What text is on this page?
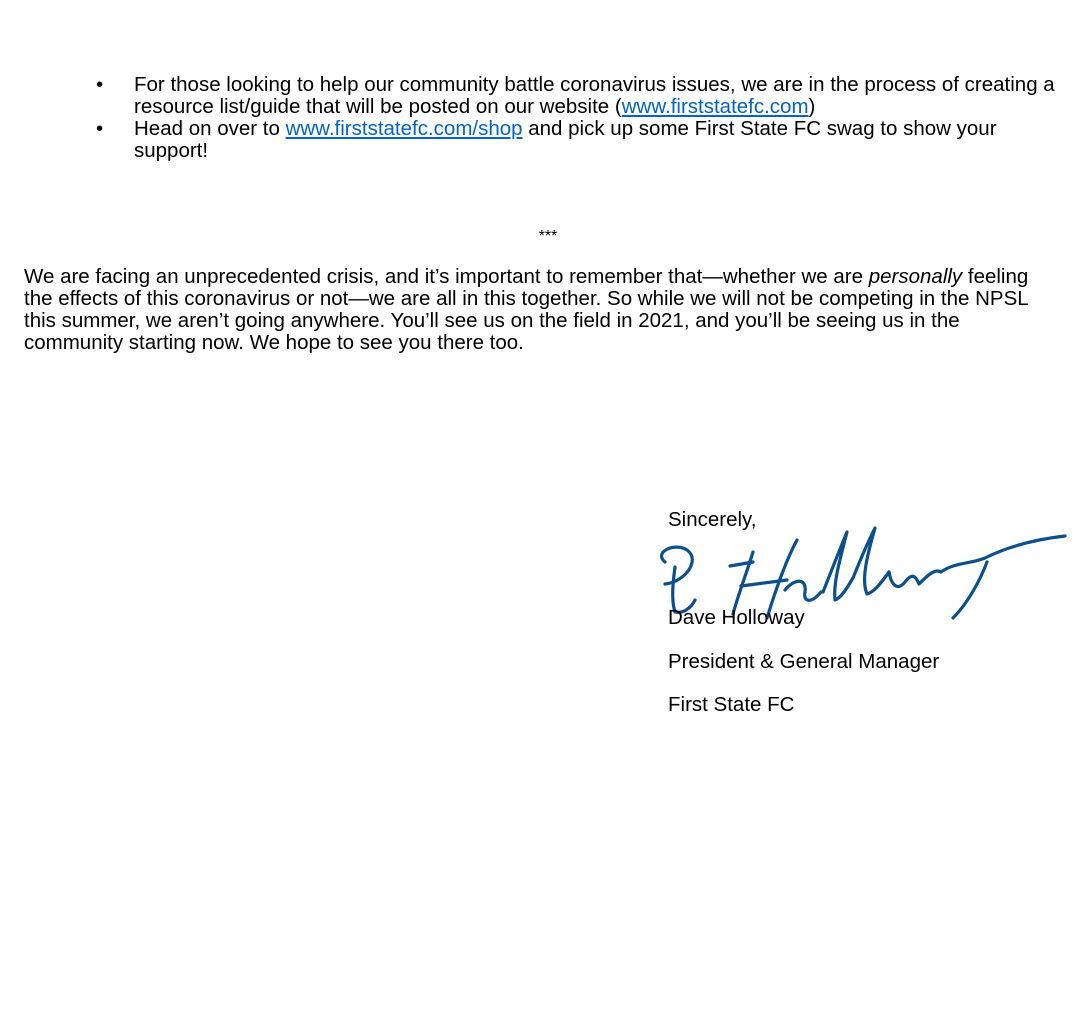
•	For those looking to help our community battle coronavirus issues, we are in the process of creating a resource list/guide that will be posted on our website (www.firststatefc.com)
•	Head on over to www.firststatefc.com/shop and pick up some First State FC swag to show your support!
***
We are facing an unprecedented crisis, and it’s important to remember that—whether we are personally feeling the effects of this coronavirus or not—we are all in this together. So while we will not be competing in the NPSL this summer, we aren’t going anywhere. You’ll see us on the field in 2021, and you’ll be seeing us in the community starting now. We hope to see you there too.
Sincerely,
Dave Holloway
President & General Manager
First State FC
